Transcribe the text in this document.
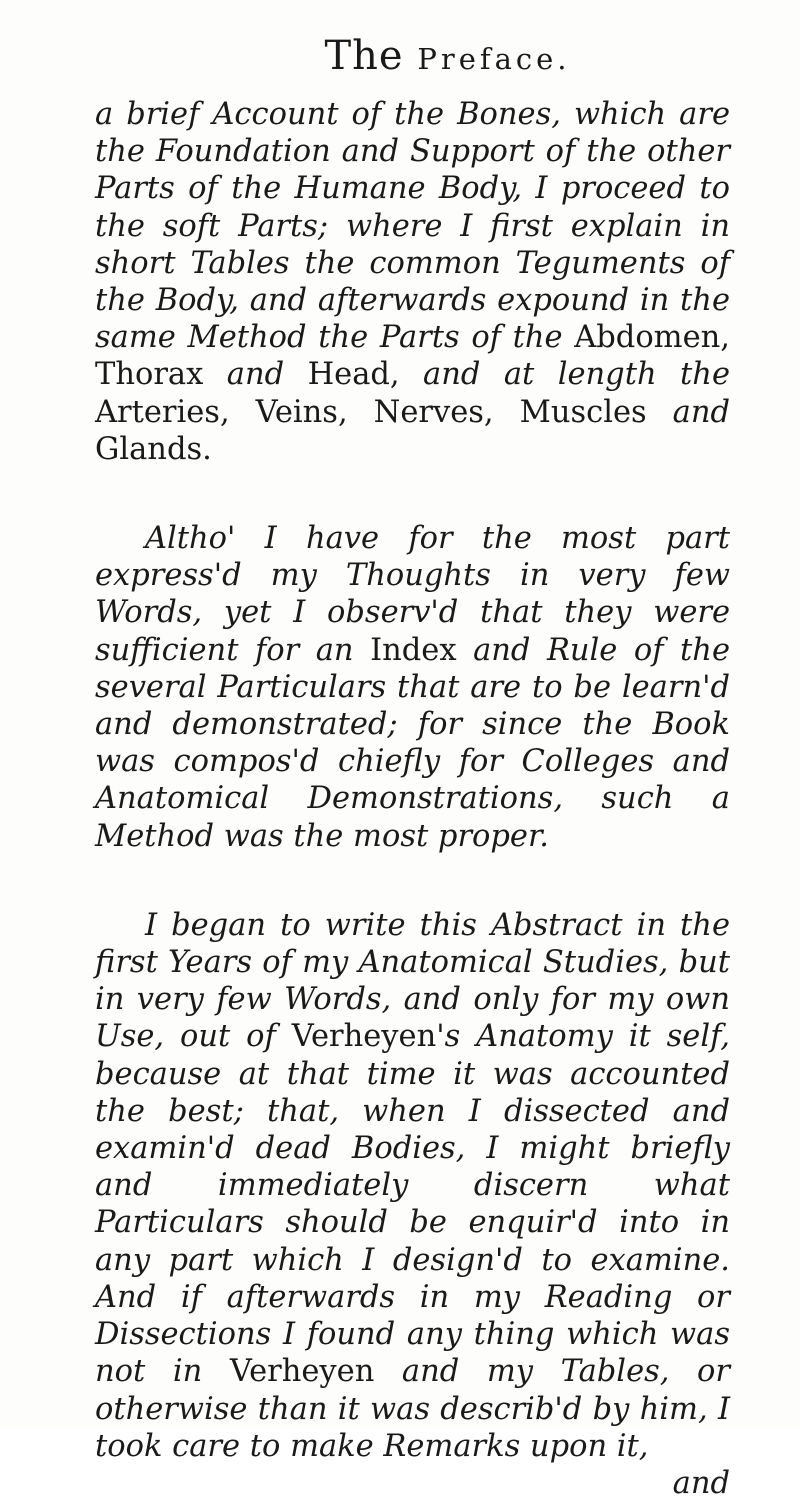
The Preface.

a brief Account of the Bones, which are the Foundation and Support of the other Parts of the Humane Body, I proceed to the soft Parts; where I first explain in short Tables the common Teguments of the Body, and afterwards expound in the same Method the Parts of the Abdomen, Thorax and Head, and at length the Arteries, Veins, Nerves, Muscles and Glands.

Altho' I have for the most part express'd my Thoughts in very few Words, yet I observ'd that they were sufficient for an Index and Rule of the several Particulars that are to be learn'd and demonstrated; for since the Book was compos'd chiefly for Colleges and Anatomical Demonstrations, such a Method was the most proper.

I began to write this Abstract in the first Years of my Anatomical Studies, but in very few Words, and only for my own Use, out of Verheyen's Anatomy it self, because at that time it was accounted the best; that, when I dissected and examin'd dead Bodies, I might briefly and immediately discern what Particulars should be enquir'd into in any part which I design'd to examine. And if afterwards in my Reading or Dissections I found any thing which was not in Verheyen and my Tables, or otherwise than it was describ'd by him, I took care to make Remarks upon it,

and
